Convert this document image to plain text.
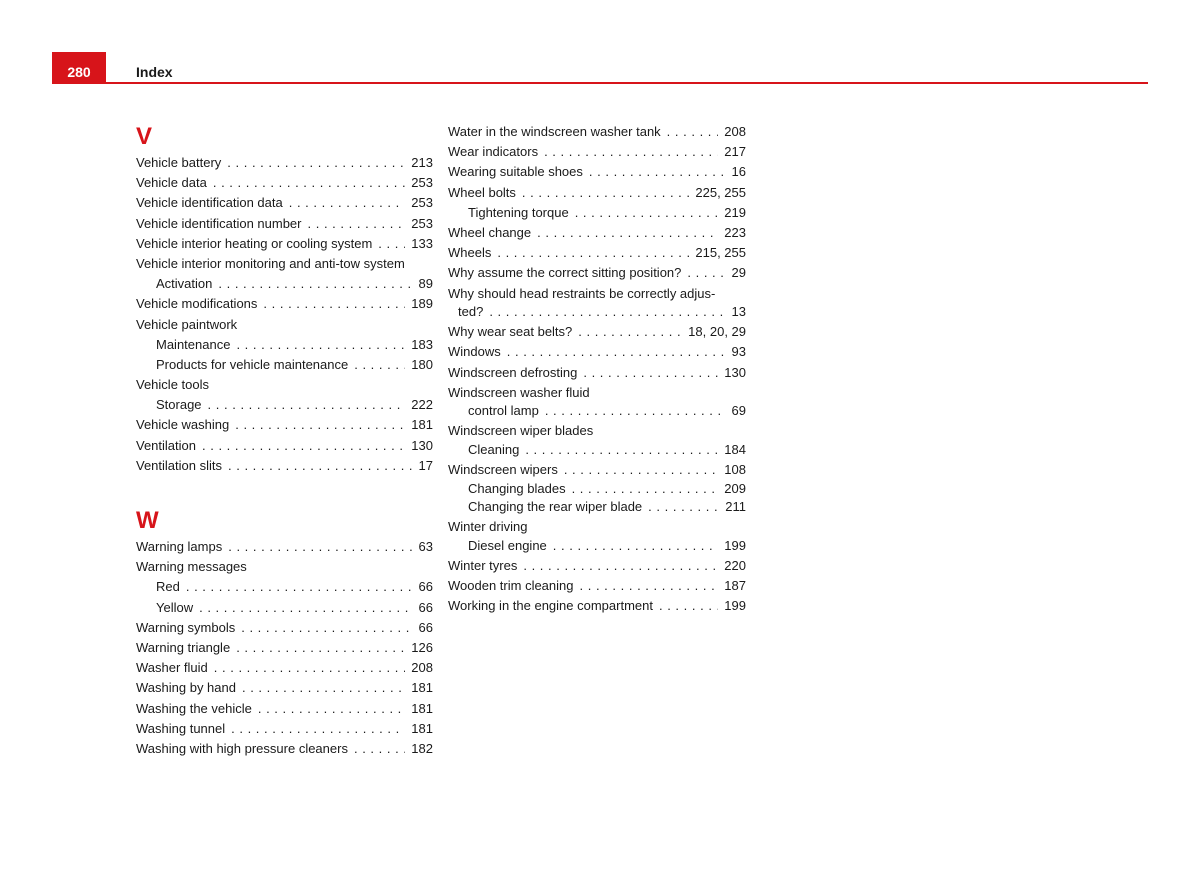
280	Index
V
Vehicle battery . . .	213
Vehicle data . . .	253
Vehicle identification data . . .	253
Vehicle identification number . . .	253
Vehicle interior heating or cooling system . . .	133
Vehicle interior monitoring and anti-tow system
Activation . . .	89
Vehicle modifications . . .	189
Vehicle paintwork
Maintenance . . .	183
Products for vehicle maintenance . . .	180
Vehicle tools
Storage . . .	222
Vehicle washing . . .	181
Ventilation . . .	130
Ventilation slits . . .	17
W
Warning lamps . . .	63
Warning messages
Red . . .	66
Yellow . . .	66
Warning symbols . . .	66
Warning triangle . . .	126
Washer fluid . . .	208
Washing by hand . . .	181
Washing the vehicle . . .	181
Washing tunnel . . .	181
Washing with high pressure cleaners . . .	182
Water in the windscreen washer tank . . .	208
Wear indicators . . .	217
Wearing suitable shoes . . .	16
Wheel bolts . . .	225, 255
Tightening torque . . .	219
Wheel change . . .	223
Wheels . . .	215, 255
Why assume the correct sitting position? . . .	29
Why should head restraints be correctly adjus-
ted? . . .	13
Why wear seat belts? . . .	18, 20, 29
Windows . . .	93
Windscreen defrosting . . .	130
Windscreen washer fluid
control lamp . . .	69
Windscreen wiper blades
Cleaning . . .	184
Windscreen wipers . . .	108
Changing blades . . .	209
Changing the rear wiper blade . . .	211
Winter driving
Diesel engine . . .	199
Winter tyres . . .	220
Wooden trim cleaning . . .	187
Working in the engine compartment . . .	199
